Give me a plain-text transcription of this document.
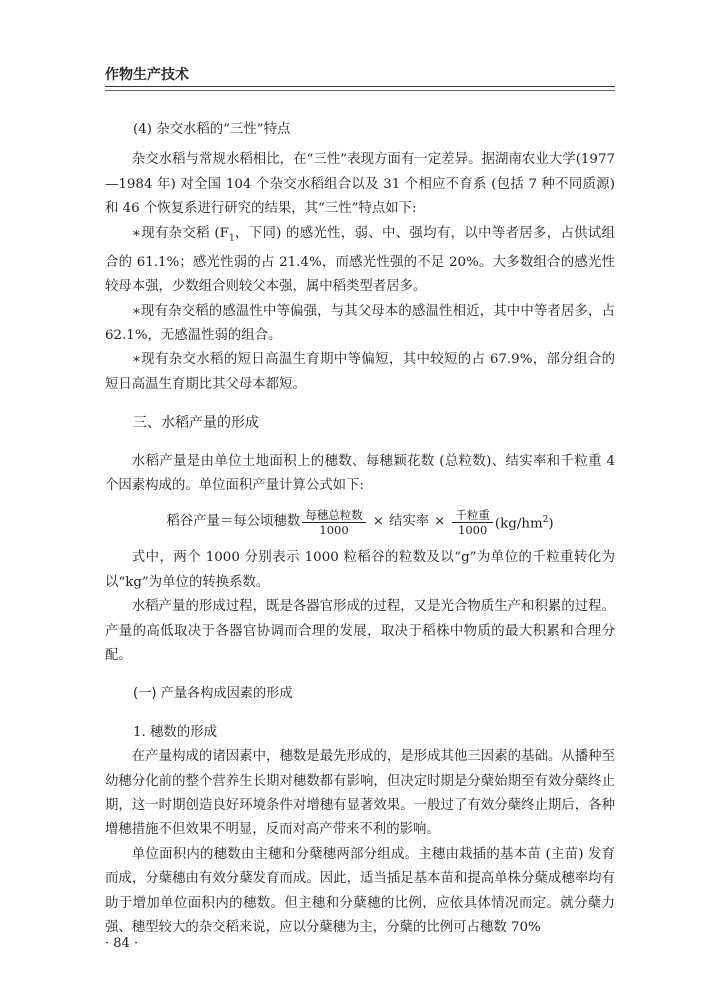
作物生产技术

(4) 杂交水稻的“三性”特点

杂交水稻与常规水稻相比，在“三性”表现方面有一定差异。据湖南农业大学(1977—1984 年) 对全国 104 个杂交水稻组合以及 31 个相应不育系 (包括 7 种不同质源) 和 46 个恢复系进行研究的结果，其“三性”特点如下:

∗现有杂交稻 ($F_1$，下同) 的感光性，弱、中、强均有，以中等者居多，占供试组合的 61.1%；感光性弱的占 21.4%，而感光性强的不足 20%。大多数组合的感光性较母本强，少数组合则较父本强，属中稻类型者居多。

∗现有杂交稻的感温性中等偏强，与其父母本的感温性相近，其中中等者居多，占 62.1%，无感温性弱的组合。

∗现有杂交水稻的短日高温生育期中等偏短，其中较短的占 67.9%，部分组合的短日高温生育期比其父母本都短。

三、水稻产量的形成

水稻产量是由单位土地面积上的穗数、每穗颖花数 (总粒数)、结实率和千粒重 4 个因素构成的。单位面积产量计算公式如下:

稻谷产量＝每公顷穗数 $\frac{\text{每穗总粒数}}{1000}$ × 结实率 × $\frac{\text{千粒重}}{1000} (kg/hm^2)$

式中，两个 1000 分别表示 1000 粒稻谷的粒数及以“g”为单位的千粒重转化为以“kg”为单位的转换系数。

水稻产量的形成过程，既是各器官形成的过程，又是光合物质生产和积累的过程。产量的高低取决于各器官协调而合理的发展，取决于稻株中物质的最大积累和合理分配。

(一) 产量各构成因素的形成

1. 穗数的形成

在产量构成的诸因素中，穗数是最先形成的，是形成其他三因素的基础。从播种至幼穗分化前的整个营养生长期对穗数都有影响，但决定时期是分蘖始期至有效分蘖终止期，这一时期创造良好环境条件对增穗有显著效果。一般过了有效分蘖终止期后，各种增穗措施不但效果不明显，反而对高产带来不利的影响。

单位面积内的穗数由主穗和分蘖穗两部分组成。主穗由栽插的基本苗 (主苗) 发育而成，分蘖穗由有效分蘖发育而成。因此，适当插足基本苗和提高单株分蘖成穗率均有助于增加单位面积内的穗数。但主穗和分蘖穗的比例，应依具体情况而定。就分蘖力强、穗型较大的杂交稻来说，应以分蘖穗为主，分蘖的比例可占穗数 70%

· 84 ·
